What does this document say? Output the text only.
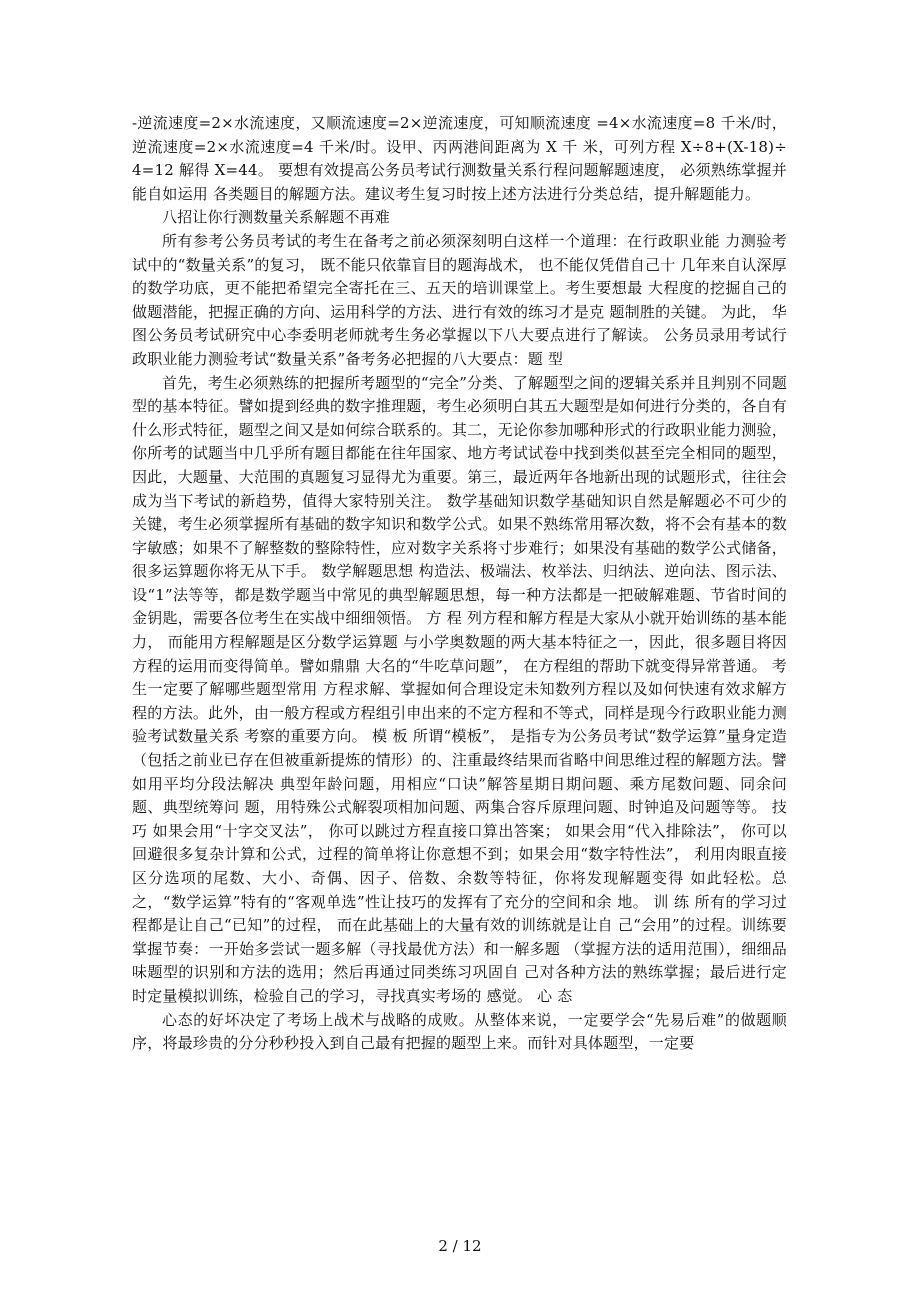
-逆流速度=2×水流速度，又顺流速度=2×逆流速度，可知顺流速度 =4×水流速度=8 千米/时，逆流速度=2×水流速度=4 千米/时。设甲、丙两港间距离为 X 千 米，可列方程 X÷8+(X-18)÷4=12 解得 X=44。 要想有效提高公务员考试行测数量关系行程问题解题速度， 必须熟练掌握并能自如运用 各类题目的解题方法。建议考生复习时按上述方法进行分类总结，提升解题能力。

八招让你行测数量关系解题不再难

所有参考公务员考试的考生在备考之前必须深刻明白这样一个道理：在行政职业能 力测验考试中的“数量关系”的复习， 既不能只依靠盲目的题海战术， 也不能仅凭借自己十 几年来自认深厚的数学功底，更不能把希望完全寄托在三、五天的培训课堂上。考生要想最 大程度的挖掘自己的做题潜能，把握正确的方向、运用科学的方法、进行有效的练习才是克 题制胜的关键。 为此， 华图公务员考试研究中心李委明老师就考生务必掌握以下八大要点进行了解读。 公务员录用考试行政职业能力测验考试“数量关系”备考务必把握的八大要点：题 型

首先，考生必须熟练的把握所考题型的“完全”分类、了解题型之间的逻辑关系并且判别不同题型的基本特征。譬如提到经典的数字推理题，考生必须明白其五大题型是如何进行分类的，各自有什么形式特征，题型之间又是如何综合联系的。其二，无论你参加哪种形式的行政职业能力测验，你所考的试题当中几乎所有题目都能在往年国家、地方考试试卷中找到类似甚至完全相同的题型，因此，大题量、大范围的真题复习显得尤为重要。第三，最近两年各地新出现的试题形式，往往会成为当下考试的新趋势，值得大家特别关注。 数学基础知识数学基础知识自然是解题必不可少的关键，考生必须掌握所有基础的数字知识和数学公式。如果不熟练常用幂次数，将不会有基本的数字敏感；如果不了解整数的整除特性，应对数字关系将寸步难行；如果没有基础的数学公式储备，很多运算题你将无从下手。 数学解题思想 构造法、极端法、枚举法、归纳法、逆向法、图示法、设“1”法等等，都是数学题当中常见的典型解题思想，每一种方法都是一把破解难题、节省时间的金钥匙，需要各位考生在实战中细细领悟。 方 程 列方程和解方程是大家从小就开始训练的基本能力， 而能用方程解题是区分数学运算题 与小学奥数题的两大基本特征之一，因此，很多题目将因方程的运用而变得简单。譬如鼎鼎 大名的“牛吃草问题”， 在方程组的帮助下就变得异常普通。 考生一定要了解哪些题型常用 方程求解、掌握如何合理设定未知数列方程以及如何快速有效求解方程的方法。此外，由一般方程或方程组引申出来的不定方程和不等式，同样是现今行政职业能力测验考试数量关系 考察的重要方向。 模 板 所谓“模板”， 是指专为公务员考试“数学运算”量身定造（包括之前业已存在但被重新提炼的情形）的、注重最终结果而省略中间思维过程的解题方法。譬如用平均分段法解决 典型年龄问题，用相应“口诀”解答星期日期问题、乘方尾数问题、同余问题、典型统筹问 题，用特殊公式解裂项相加问题、两集合容斥原理问题、时钟追及问题等等。 技 巧 如果会用“十字交叉法”， 你可以跳过方程直接口算出答案； 如果会用“代入排除法”， 你可以回避很多复杂计算和公式，过程的简单将让你意想不到；如果会用“数字特性法”， 利用肉眼直接区分选项的尾数、大小、奇偶、因子、倍数、余数等特征，你将发现解题变得 如此轻松。总之，“数学运算”特有的“客观单选”性让技巧的发挥有了充分的空间和余 地。 训 练 所有的学习过程都是让自己“已知”的过程， 而在此基础上的大量有效的训练就是让自 己“会用”的过程。训练要掌握节奏：一开始多尝试一题多解（寻找最优方法）和一解多题 （掌握方法的适用范围），细细品味题型的识别和方法的选用；然后再通过同类练习巩固自 己对各种方法的熟练掌握；最后进行定时定量模拟训练，检验自己的学习，寻找真实考场的 感觉。 心 态

心态的好坏决定了考场上战术与战略的成败。从整体来说，一定要学会“先易后难”的做题顺序，将最珍贵的分分秒秒投入到自己最有把握的题型上来。而针对具体题型，一定要

2 / 12
